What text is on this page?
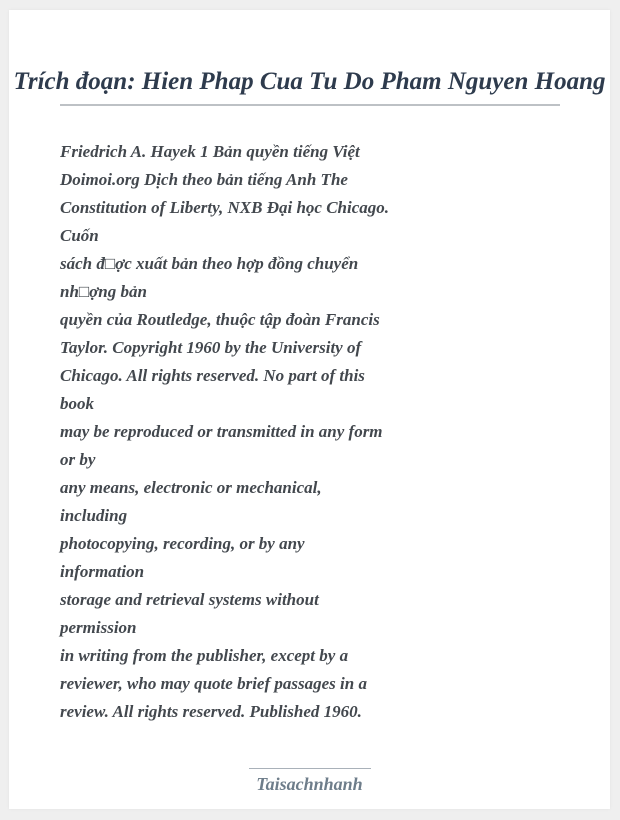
Trích đoạn: Hien Phap Cua Tu Do Pham Nguyen Hoang

Friedrich A. Hayek 1 Bản quyền tiếng Việt

Doimoi.org Dịch theo bản tiếng Anh The

Constitution of Liberty, NXB Đại học Chicago.

Cuốn

sách đ□ợc xuất bản theo hợp đồng chuyển

nh□ợng bản

quyền của Routledge, thuộc tập đoàn Francis

Taylor. Copyright 1960 by the University of

Chicago. All rights reserved. No part of this

book

may be reproduced or transmitted in any form

or by

any means, electronic or mechanical,

including

photocopying, recording, or by any

information

storage and retrieval systems without

permission

in writing from the publisher, except by a

reviewer, who may quote brief passages in a

review. All rights reserved. Published 1960.

Taisachnhanh
